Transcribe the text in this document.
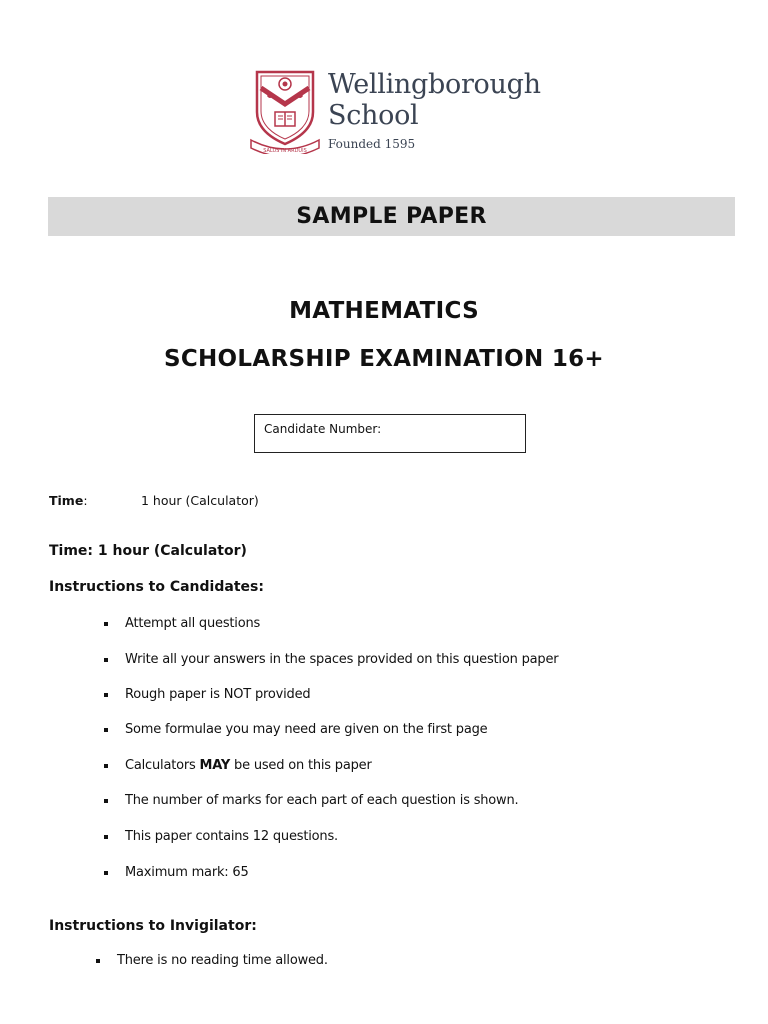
SALUS IN ARDUIS
Wellingborough
School
Founded 1595
SAMPLE PAPER
MATHEMATICS
SCHOLARSHIP EXAMINATION 16+
Candidate Number:
Time:	1 hour (Calculator)
Time: 1 hour (Calculator)
Instructions to Candidates:
Attempt all questions
Write all your answers in the spaces provided on this question paper
Rough paper is NOT provided
Some formulae you may need are given on the first page
Calculators MAY be used on this paper
The number of marks for each part of each question is shown.
This paper contains 12 questions.
Maximum mark: 65
Instructions to Invigilator:
There is no reading time allowed.
